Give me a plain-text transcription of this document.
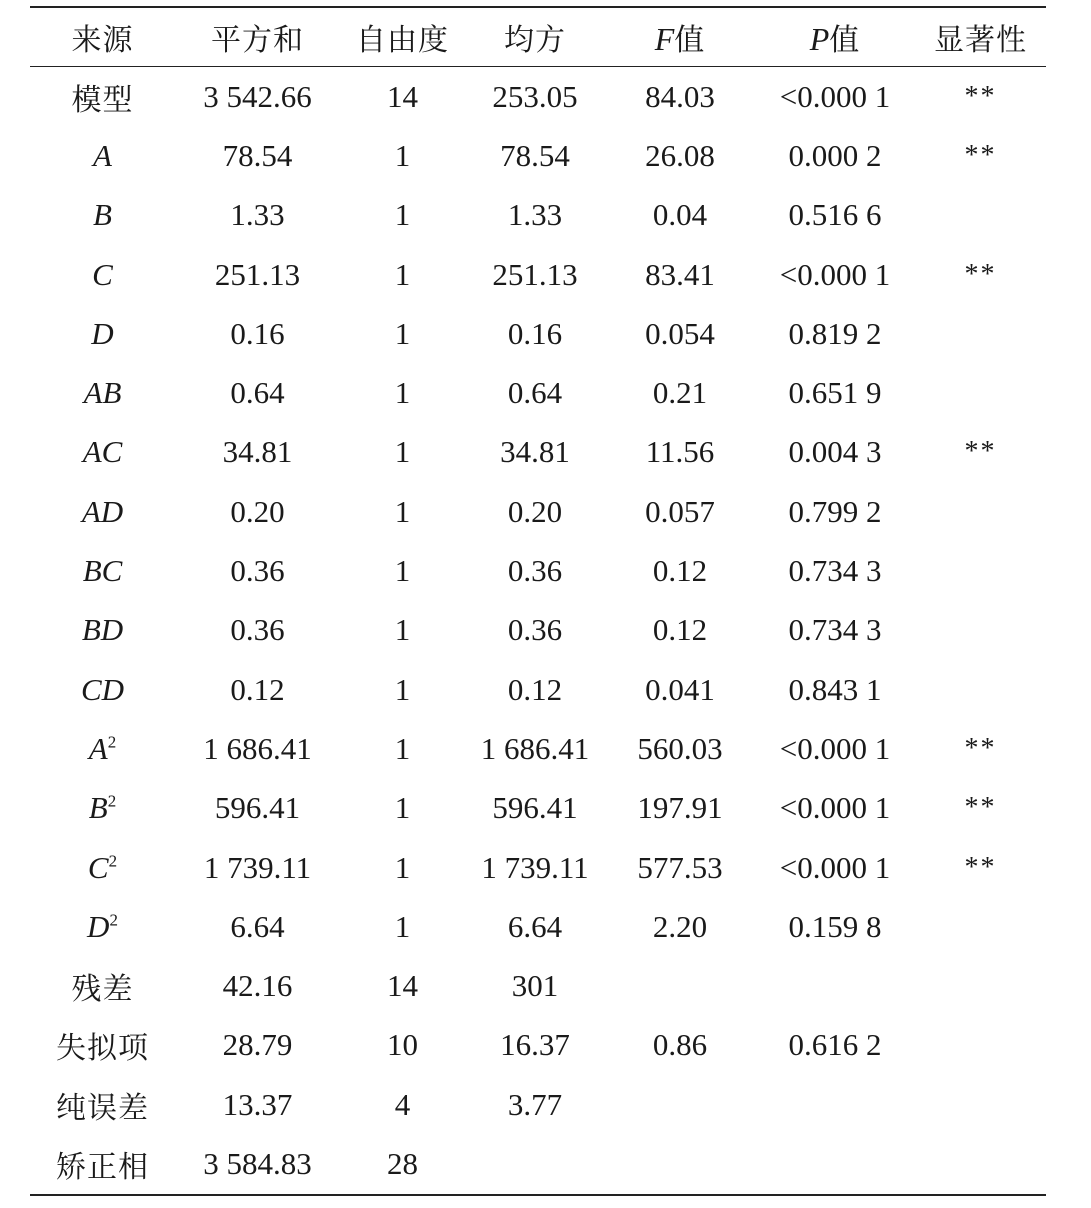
来源	平方和	自由度	均方	F值	P值	显著性
模型	3 542.66	14	253.05	84.03	<0.000 1	**
A	78.54	1	78.54	26.08	0.000 2	**
B	1.33	1	1.33	0.04	0.516 6	
C	251.13	1	251.13	83.41	<0.000 1	**
D	0.16	1	0.16	0.054	0.819 2	
AB	0.64	1	0.64	0.21	0.651 9	
AC	34.81	1	34.81	11.56	0.004 3	**
AD	0.20	1	0.20	0.057	0.799 2	
BC	0.36	1	0.36	0.12	0.734 3	
BD	0.36	1	0.36	0.12	0.734 3	
CD	0.12	1	0.12	0.041	0.843 1	
$A^2$	1 686.41	1	1 686.41	560.03	<0.000 1	**
$B^2$	596.41	1	596.41	197.91	<0.000 1	**
$C^2$	1 739.11	1	1 739.11	577.53	<0.000 1	**
$D^2$	6.64	1	6.64	2.20	0.159 8	
残差	42.16	14	301			
失拟项	28.79	10	16.37	0.86	0.616 2	
纯误差	13.37	4	3.77			
矫正相	3 584.83	28				
